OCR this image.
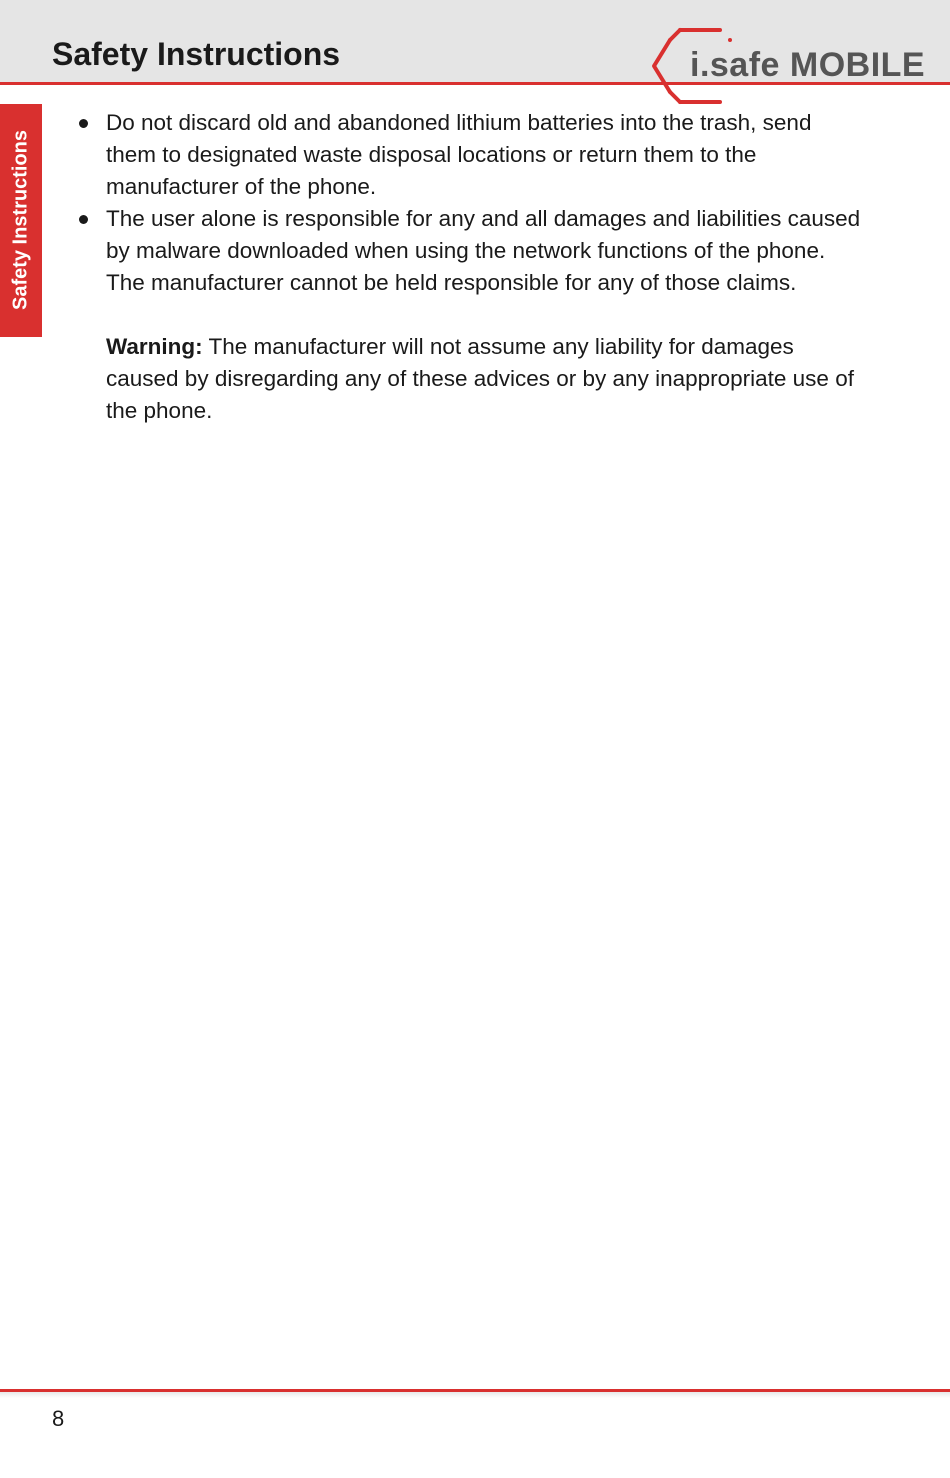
Safety Instructions	i.safe MOBILE
Safety Instructions
Do not discard old and abandoned lithium batteries into the trash, send them to designated waste disposal locations or return them to the manufacturer of the phone.
The user alone is responsible for any and all damages and liabilities caused by malware downloaded when using the network functions of the phone. The manufacturer cannot be held responsible for any of those claims.

Warning: The manufacturer will not assume any liability for damages caused by disregarding any of these advices or by any inappropriate use of the phone.

8
